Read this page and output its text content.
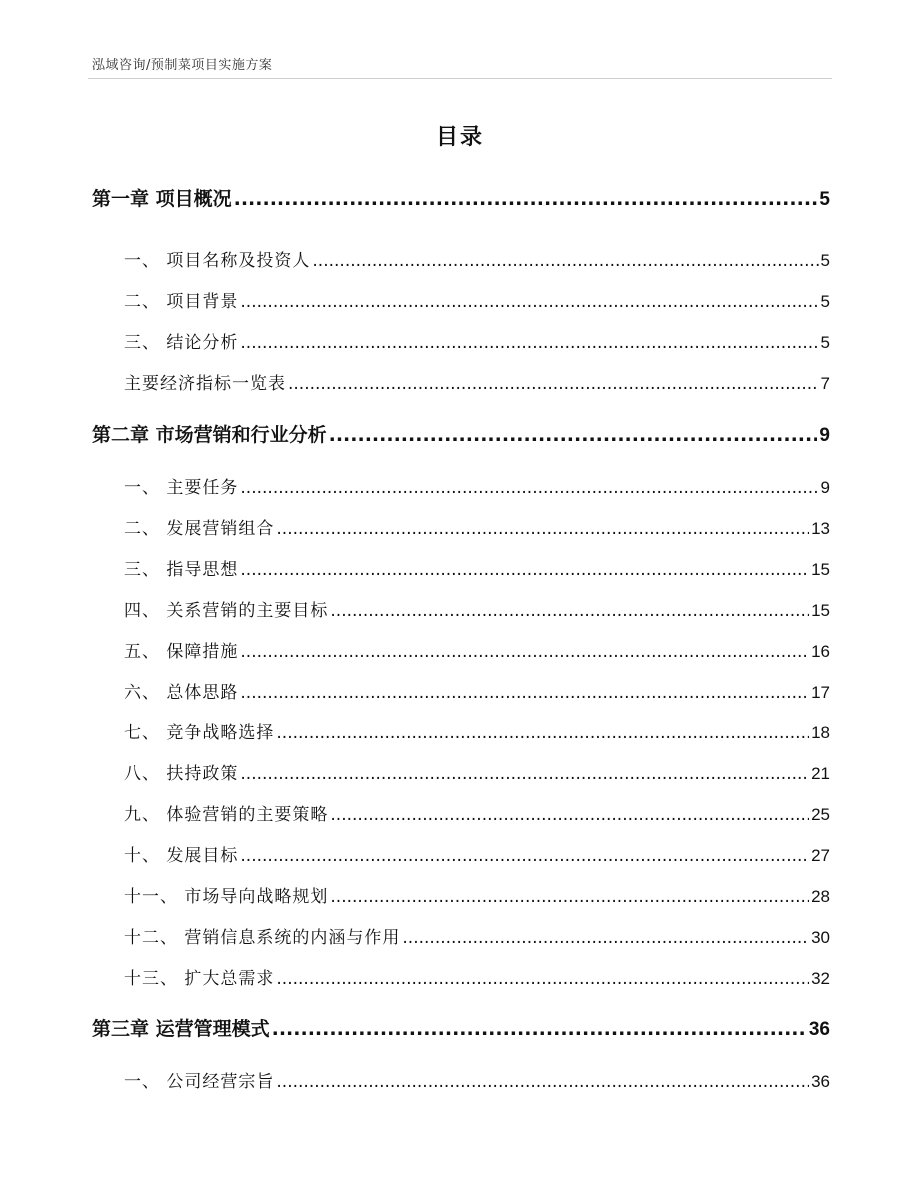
泓域咨询/预制菜项目实施方案
目录
第一章 项目概况 .....	5
一、 项目名称及投资人 .....	5
二、 项目背景 .....	5
三、 结论分析 .....	5
主要经济指标一览表 .....	7
第二章 市场营销和行业分析 .....	9
一、 主要任务 .....	9
二、 发展营销组合 .....	13
三、 指导思想 .....	15
四、 关系营销的主要目标 .....	15
五、 保障措施 .....	16
六、 总体思路 .....	17
七、 竞争战略选择 .....	18
八、 扶持政策 .....	21
九、 体验营销的主要策略 .....	25
十、 发展目标 .....	27
十一、 市场导向战略规划 .....	28
十二、 营销信息系统的内涵与作用 .....	30
十三、 扩大总需求 .....	32
第三章 运营管理模式 .....	36
一、 公司经营宗旨 .....	36
